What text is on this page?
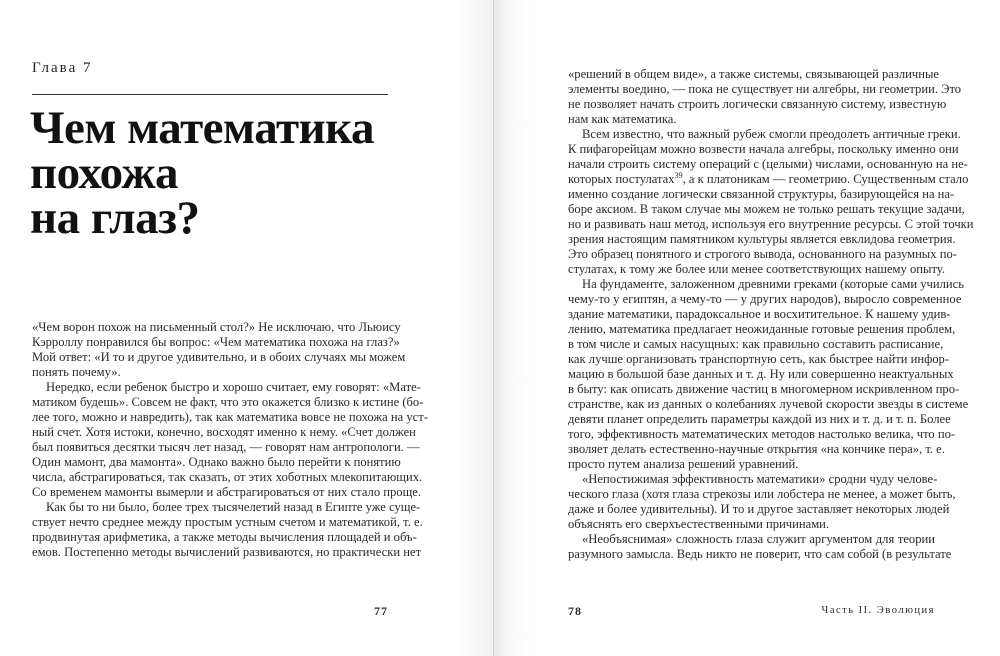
Глава 7
Чем математика
похожа
на глаз?
«Чем ворон похож на письменный стол?» Не исключаю, что Льюису
Кэрроллу понравился бы вопрос: «Чем математика похожа на глаз?»
Мой ответ: «И то и другое удивительно, и в обоих случаях мы можем
понять почему».
Нередко, если ребенок быстро и хорошо считает, ему говорят: «Мате-
матиком будешь». Совсем не факт, что это окажется близко к истине (бо-
лее того, можно и навредить), так как математика вовсе не похожа на уст-
ный счет. Хотя истоки, конечно, восходят именно к нему. «Счет должен
был появиться десятки тысяч лет назад, — говорят нам антропологи. —
Один мамонт, два мамонта». Однако важно было перейти к понятию
числа, абстрагироваться, так сказать, от этих хоботных млекопитающих.
Со временем мамонты вымерли и абстрагироваться от них стало проще.
Как бы то ни было, более трех тысячелетий назад в Египте уже суще-
ствует нечто среднее между простым устным счетом и математикой, т. е.
продвинутая арифметика, а также методы вычисления площадей и объ-
емов. Постепенно методы вычислений развиваются, но практически нет
77
«решений в общем виде», а также системы, связывающей различные
элементы воедино, — пока не существует ни алгебры, ни геометрии. Это
не позволяет начать строить логически связанную систему, известную
нам как математика.
Всем известно, что важный рубеж смогли преодолеть античные греки.
К пифагорейцам можно возвести начала алгебры, поскольку именно они
начали строить систему операций с (целыми) числами, основанную на не-
которых постулатах$^{39}$, а к платоникам — геометрию. Существенным стало
именно создание логически связанной структуры, базирующейся на на-
боре аксиом. В таком случае мы можем не только решать текущие задачи,
но и развивать наш метод, используя его внутренние ресурсы. С этой точки
зрения настоящим памятником культуры является евклидова геометрия.
Это образец понятного и строгого вывода, основанного на разумных по-
стулатах, к тому же более или менее соответствующих нашему опыту.
На фундаменте, заложенном древними греками (которые сами учились
чему-то у египтян, а чему-то — у других народов), выросло современное
здание математики, парадоксальное и восхитительное. К нашему удив-
лению, математика предлагает неожиданные готовые решения проблем,
в том числе и самых насущных: как правильно составить расписание,
как лучше организовать транспортную сеть, как быстрее найти инфор-
мацию в большой базе данных и т. д. Ну или совершенно неактуальных
в быту: как описать движение частиц в многомерном искривленном про-
странстве, как из данных о колебаниях лучевой скорости звезды в системе
девяти планет определить параметры каждой из них и т. д. и т. п. Более
того, эффективность математических методов настолько велика, что по-
зволяет делать естественно-научные открытия «на кончике пера», т. е.
просто путем анализа решений уравнений.
«Непостижимая эффективность математики» сродни чуду челове-
ческого глаза (хотя глаза стрекозы или лобстера не менее, а может быть,
даже и более удивительны). И то и другое заставляет некоторых людей
объяснять его сверхъестественными причинами.
«Необъяснимая» сложность глаза служит аргументом для теории
разумного замысла. Ведь никто не поверит, что сам собой (в результате
78	Часть II. Эволюция
